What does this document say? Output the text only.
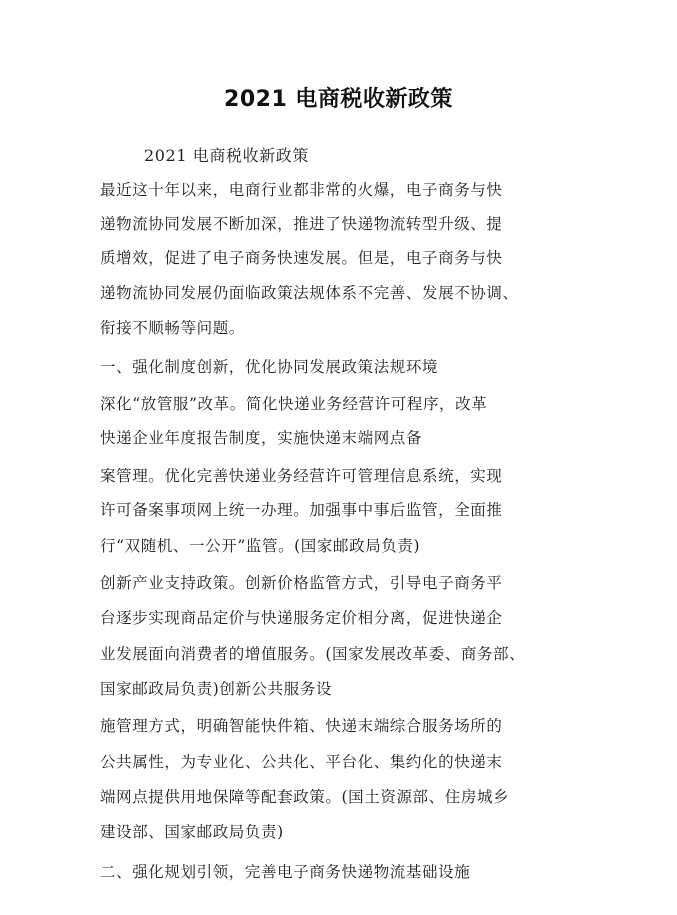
2021 电商税收新政策
2021 电商税收新政策
最近这十年以来，电商行业都非常的火爆，电子商务与快
递物流协同发展不断加深，推进了快递物流转型升级、提
质增效，促进了电子商务快速发展。但是，电子商务与快
递物流协同发展仍面临政策法规体系不完善、发展不协调、
衔接不顺畅等问题。
一、强化制度创新，优化协同发展政策法规环境
深化“放管服”改革。简化快递业务经营许可程序，改革
快递企业年度报告制度，实施快递末端网点备
案管理。优化完善快递业务经营许可管理信息系统，实现
许可备案事项网上统一办理。加强事中事后监管，全面推
行“双随机、一公开”监管。(国家邮政局负责)
创新产业支持政策。创新价格监管方式，引导电子商务平
台逐步实现商品定价与快递服务定价相分离，促进快递企
业发展面向消费者的增值服务。(国家发展改革委、商务部、
国家邮政局负责)创新公共服务设
施管理方式，明确智能快件箱、快递末端综合服务场所的
公共属性，为专业化、公共化、平台化、集约化的快递末
端网点提供用地保障等配套政策。(国土资源部、住房城乡
建设部、国家邮政局负责)
二、强化规划引领，完善电子商务快递物流基础设施
